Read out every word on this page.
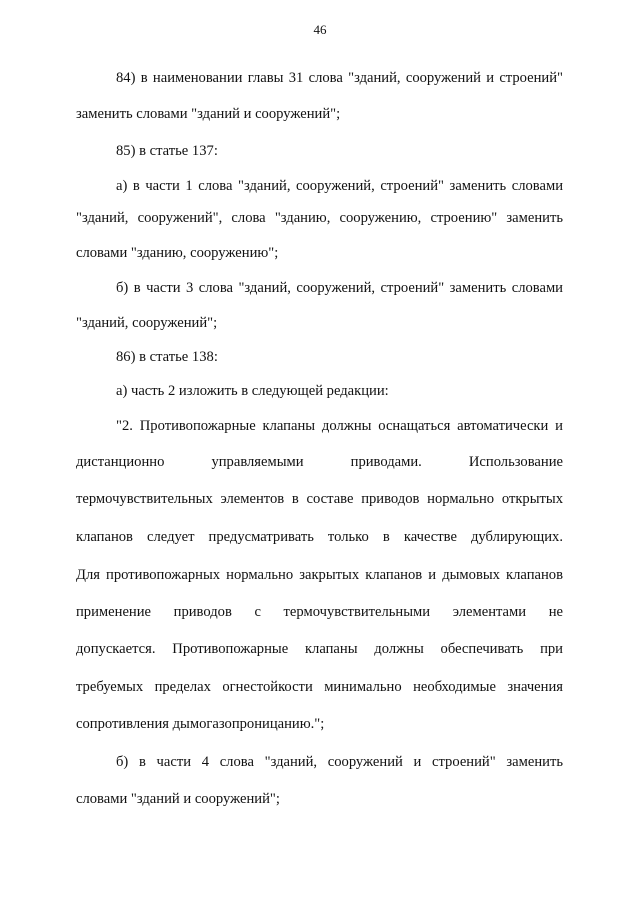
46
84) в наименовании главы 31 слова "зданий, сооружений и строений"
заменить словами "зданий и сооружений";
85) в статье 137:
а) в части 1 слова "зданий, сооружений, строений" заменить словами
"зданий, сооружений", слова "зданию, сооружению, строению" заменить
словами "зданию, сооружению";
б) в части 3 слова "зданий, сооружений, строений" заменить словами
"зданий, сооружений";
86) в статье 138:
а) часть 2 изложить в следующей редакции:
"2. Противопожарные клапаны должны оснащаться автоматически и
дистанционно управляемыми приводами. Использование
термочувствительных элементов в составе приводов нормально открытых
клапанов следует предусматривать только в качестве дублирующих.
Для противопожарных нормально закрытых клапанов и дымовых клапанов
применение приводов с термочувствительными элементами не
допускается. Противопожарные клапаны должны обеспечивать при
требуемых пределах огнестойкости минимально необходимые значения
сопротивления дымогазопроницанию.";
б) в части 4 слова "зданий, сооружений и строений" заменить
словами "зданий и сооружений";
